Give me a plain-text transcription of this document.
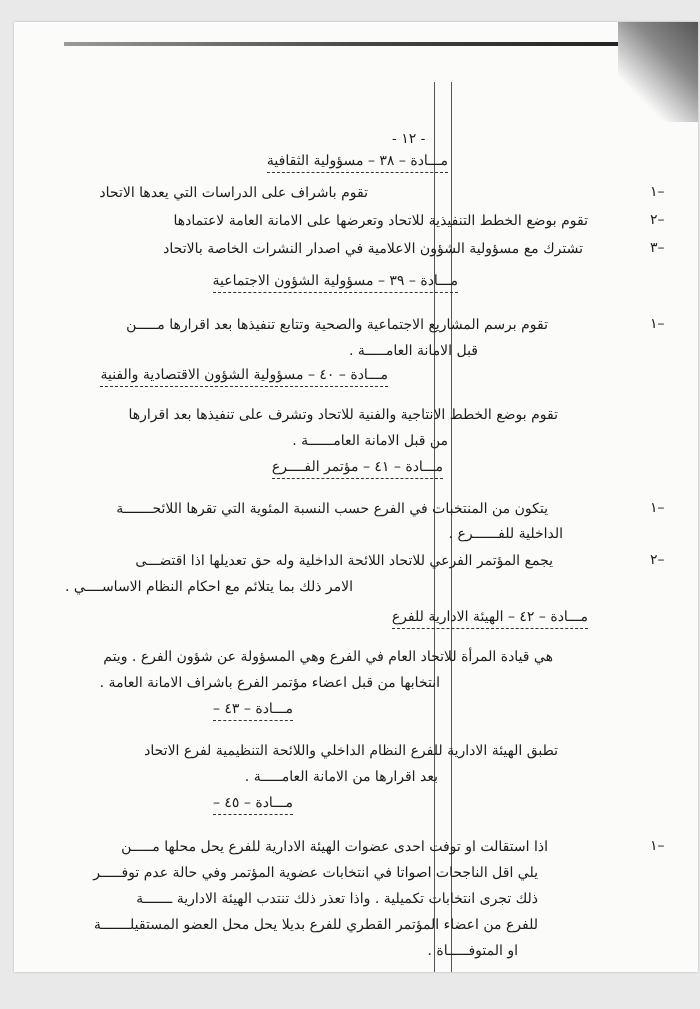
- ١٢ -
مـــادة – ٣٨ – مسؤولية الثقافية
١–
تقوم باشراف على الدراسات التي يعدها الاتحاد
٢–
تقوم بوضع الخطط التنفيذية للاتحاد وتعرضها على الامانة العامة لاعتمادها
٣–
تشترك مع مسؤولية الشؤون الاعلامية في اصدار النشرات الخاصة بالاتحاد
مـــادة – ٣٩ – مسؤولية الشؤون الاجتماعية
١–
تقوم برسم المشاريع الاجتماعية والصحية وتتابع تنفيذها بعد اقرارها مـــــن
قبل الامانة العامـــــة .
مـــادة – ٤٠ – مسؤولية الشؤون الاقتصادية والفنية
تقوم بوضع الخطط الانتاجية والفنية للاتحاد وتشرف على تنفيذها بعد اقرارها
من قبل الامانة العامــــــة .
مـــادة – ٤١ – مؤتمر الفــــرع
١–
يتكون من المنتخبات في الفرع حسب النسبة المئوية التي تقرها اللائحـــــــة
الداخلية للفــــــرع .
٢–
يجمع المؤتمر الفرعي للاتحاد اللائحة الداخلية وله حق تعديلها اذا اقتضـــى
الامر ذلك بما يتلائم مع احكام النظام الاساســــي .
مـــادة – ٤٢ – الهيئة الادارية للفرع
هي قيادة المرأة للاتحاد العام في الفرع وهي المسؤولة عن شؤون الفرع . ويتم
انتخابها من قبل اعضاء مؤتمر الفرع باشراف الامانة العامة .
مـــادة – ٤٣ –
تطبق الهيئة الادارية للفرع النظام الداخلي واللائحة التنظيمية لفرع الاتحاد
بعد اقرارها من الامانة العامـــــة .
مـــادة – ٤٥ –
١–
اذا استقالت او توفت احدى عضوات الهيئة الادارية للفرع يحل محلها مـــــن
يلي اقل الناجحات اصواتا في انتخابات عضوية المؤتمر وفي حالة عدم توفـــــر
ذلك تجرى انتخابات تكميلية . واذا تعذر ذلك تنتدب الهيئة الادارية ـــــــة
للفرع من اعضاء المؤتمر القطري للفرع بديلا يحل محل العضو المستقيلـــــــة
او المتوفـــــاة .
